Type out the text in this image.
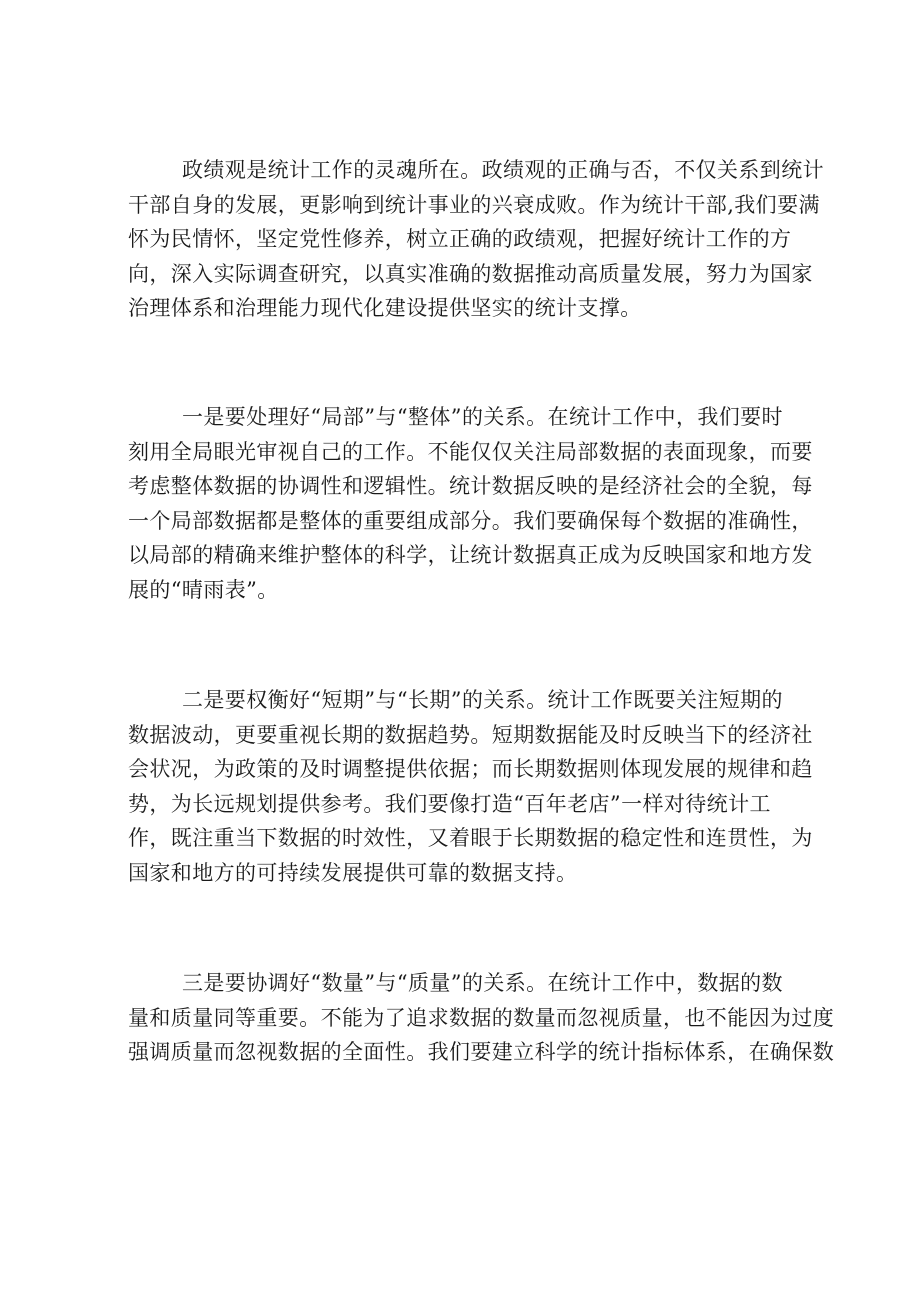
政绩观是统计工作的灵魂所在。政绩观的正确与否，不仅关系到统计
干部自身的发展，更影响到统计事业的兴衰成败。作为统计干部,我们要满
怀为民情怀，坚定党性修养，树立正确的政绩观，把握好统计工作的方
向，深入实际调查研究，以真实准确的数据推动高质量发展，努力为国家
治理体系和治理能力现代化建设提供坚实的统计支撑。
一是要处理好“局部”与“整体”的关系。在统计工作中，我们要时
刻用全局眼光审视自己的工作。不能仅仅关注局部数据的表面现象，而要
考虑整体数据的协调性和逻辑性。统计数据反映的是经济社会的全貌，每
一个局部数据都是整体的重要组成部分。我们要确保每个数据的准确性，
以局部的精确来维护整体的科学，让统计数据真正成为反映国家和地方发
展的“晴雨表”。
二是要权衡好“短期”与“长期”的关系。统计工作既要关注短期的
数据波动，更要重视长期的数据趋势。短期数据能及时反映当下的经济社
会状况，为政策的及时调整提供依据；而长期数据则体现发展的规律和趋
势，为长远规划提供参考。我们要像打造“百年老店”一样对待统计工
作，既注重当下数据的时效性，又着眼于长期数据的稳定性和连贯性，为
国家和地方的可持续发展提供可靠的数据支持。
三是要协调好“数量”与“质量”的关系。在统计工作中，数据的数
量和质量同等重要。不能为了追求数据的数量而忽视质量，也不能因为过度
强调质量而忽视数据的全面性。我们要建立科学的统计指标体系，在确保数
